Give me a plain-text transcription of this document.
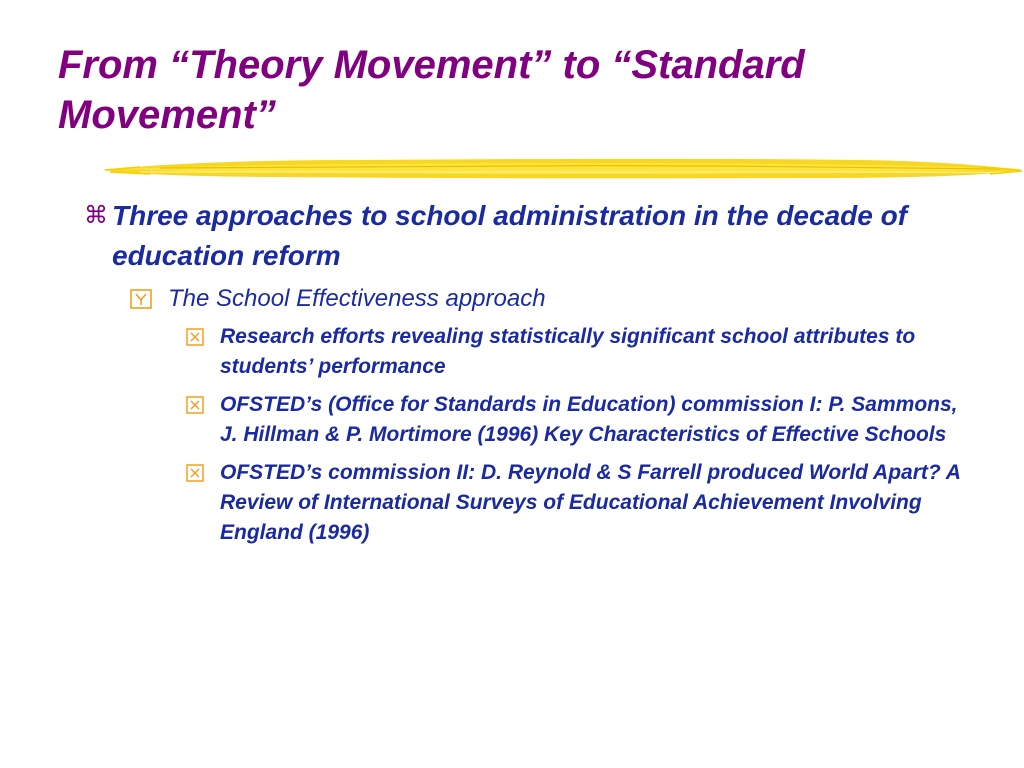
From “Theory Movement” to “Standard Movement”
⌘ Three approaches to school administration in the decade of education reform
The School Effectiveness approach
Research efforts revealing statistically significant school attributes to students’ performance
OFSTED’s (Office for Standards in Education) commission I: P. Sammons, J. Hillman & P. Mortimore (1996) Key Characteristics of Effective Schools
OFSTED’s commission II: D. Reynold & S Farrell produced World Apart? A Review of International Surveys of Educational Achievement Involving England (1996)
